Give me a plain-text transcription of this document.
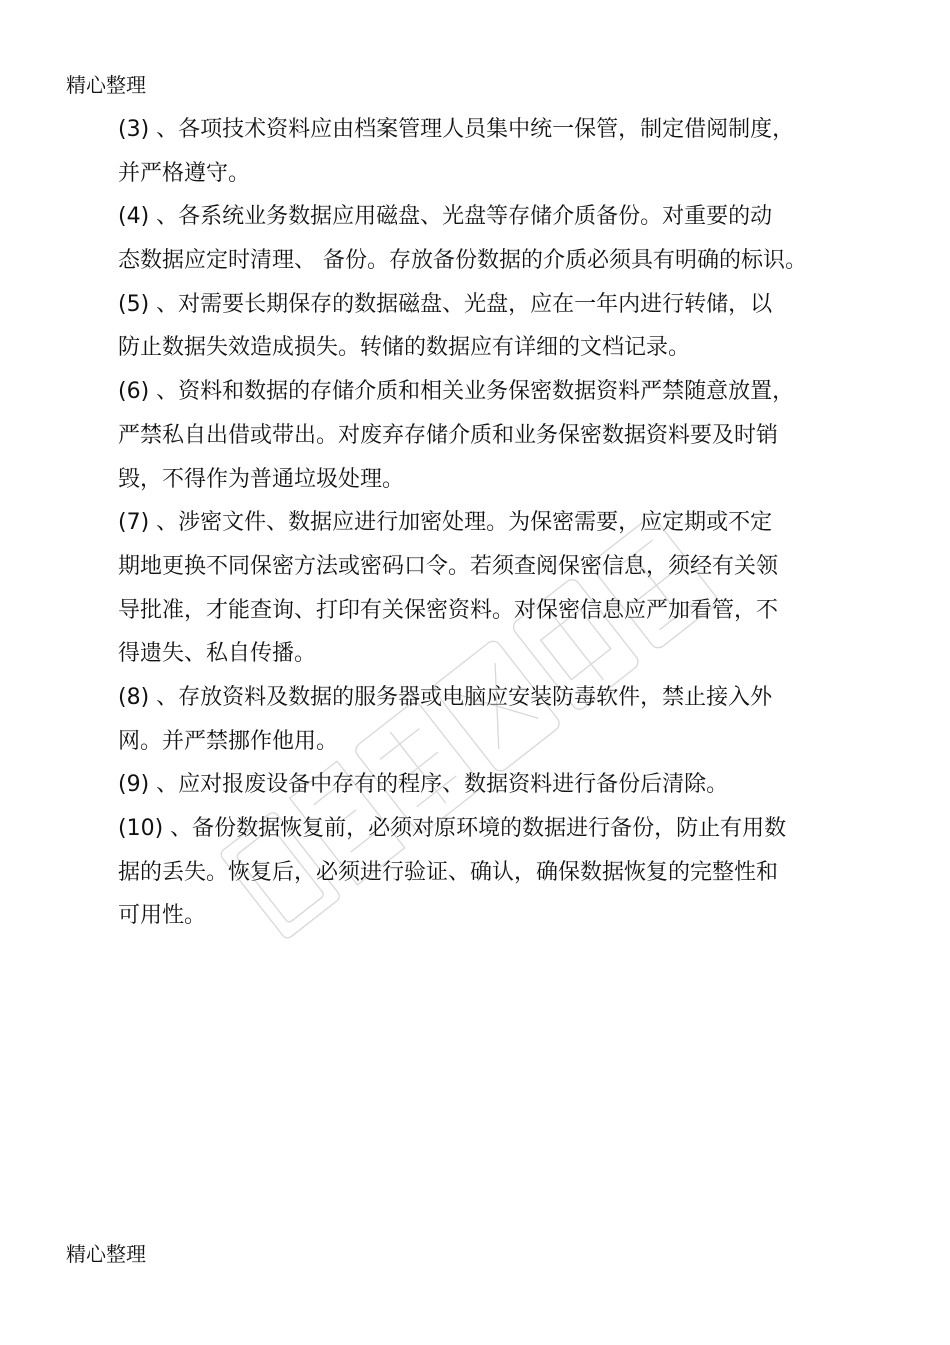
精心整理
(3) 、各项技术资料应由档案管理人员集中统一保管，制定借阅制度，
并严格遵守。
(4) 、各系统业务数据应用磁盘、光盘等存储介质备份。对重要的动
态数据应定时清理、 备份。存放备份数据的介质必须具有明确的标识。
(5) 、对需要长期保存的数据磁盘、光盘，应在一年内进行转储，以
防止数据失效造成损失。转储的数据应有详细的文档记录。
(6) 、资料和数据的存储介质和相关业务保密数据资料严禁随意放置，
严禁私自出借或带出。对废弃存储介质和业务保密数据资料要及时销
毁，不得作为普通垃圾处理。
(7) 、涉密文件、数据应进行加密处理。为保密需要，应定期或不定
期地更换不同保密方法或密码口令。若须查阅保密信息，须经有关领
导批准，才能查询、打印有关保密资料。对保密信息应严加看管，不
得遗失、私自传播。
(8) 、存放资料及数据的服务器或电脑应安装防毒软件，禁止接入外
网。并严禁挪作他用。
(9) 、应对报废设备中存有的程序、数据资料进行备份后清除。
(10) 、备份数据恢复前，必须对原环境的数据进行备份，防止有用数
据的丢失。恢复后，必须进行验证、确认，确保数据恢复的完整性和
可用性。
精心整理
